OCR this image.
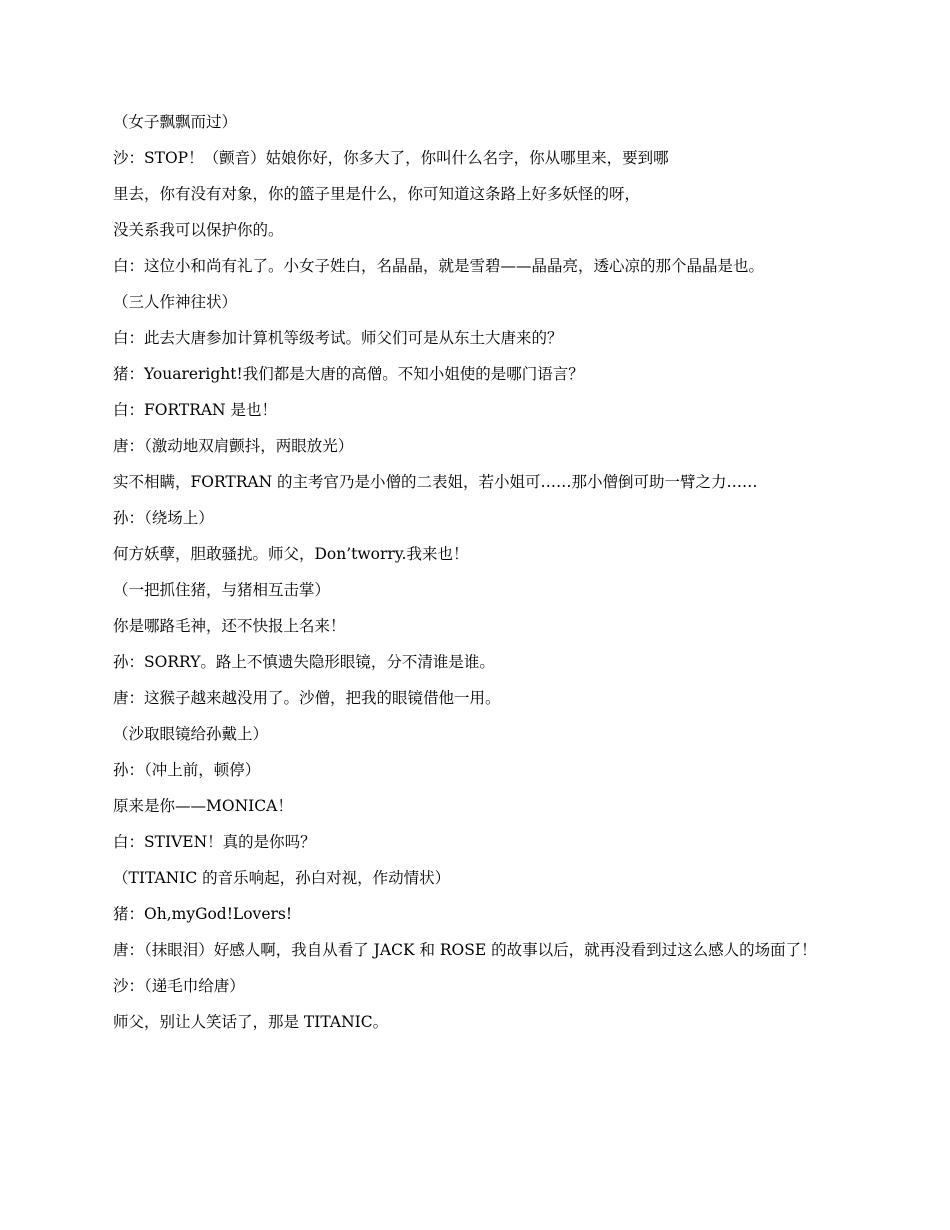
（女子飘飘而过）

沙：STOP！（颤音）姑娘你好，你多大了，你叫什么名字，你从哪里来，要到哪

里去，你有没有对象，你的篮子里是什么，你可知道这条路上好多妖怪的呀，

没关系我可以保护你的。

白：这位小和尚有礼了。小女子姓白，名晶晶，就是雪碧——晶晶亮，透心凉的那个晶晶是也。

（三人作神往状）

白：此去大唐参加计算机等级考试。师父们可是从东土大唐来的？

猪：Youareright!我们都是大唐的高僧。不知小姐使的是哪门语言？

白：FORTRAN 是也！

唐：（激动地双肩颤抖，两眼放光）

实不相瞒，FORTRAN 的主考官乃是小僧的二表姐，若小姐可……那小僧倒可助一臂之力……

孙：（绕场上）

何方妖孽，胆敢骚扰。师父，Don’tworry.我来也！

（一把抓住猪，与猪相互击掌）

你是哪路毛神，还不快报上名来！

孙：SORRY。路上不慎遗失隐形眼镜，分不清谁是谁。

唐：这猴子越来越没用了。沙僧，把我的眼镜借他一用。

（沙取眼镜给孙戴上）

孙：（冲上前，顿停）

原来是你——MONICA！

白：STIVEN！真的是你吗？

（TITANIC 的音乐响起，孙白对视，作动情状）

猪：Oh,myGod!Lovers!

唐：（抹眼泪）好感人啊，我自从看了 JACK 和 ROSE 的故事以后，就再没看到过这么感人的场面了！

沙：（递毛巾给唐）

师父，别让人笑话了，那是 TITANIC。
